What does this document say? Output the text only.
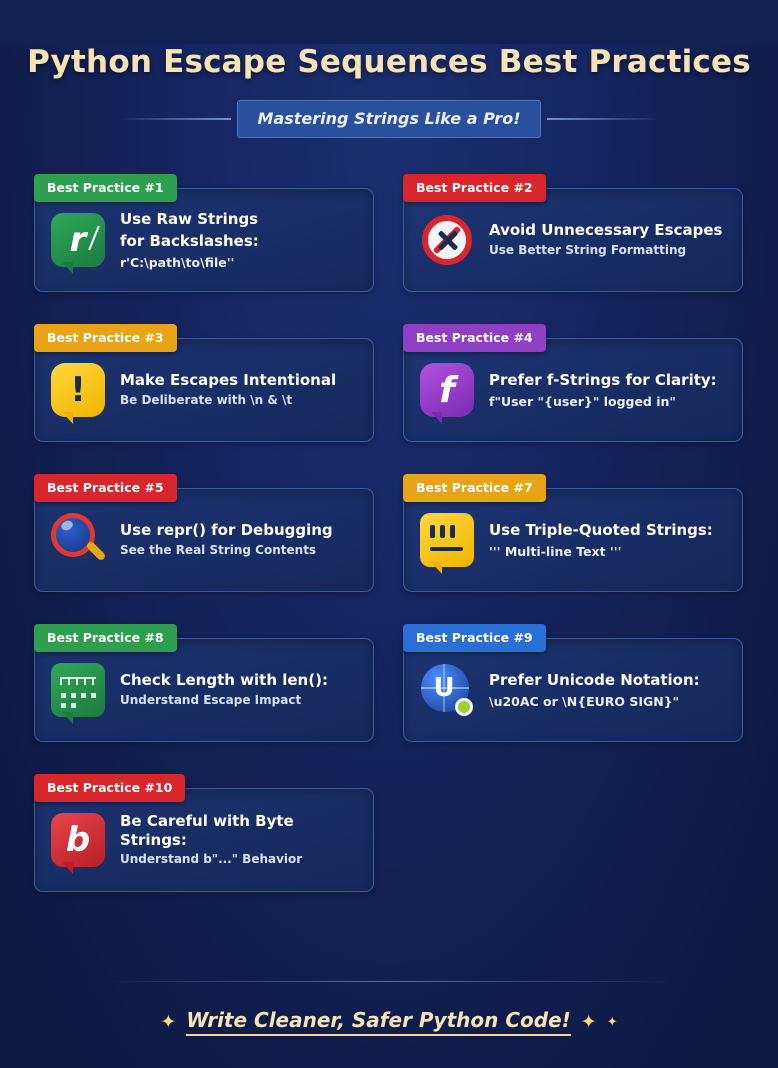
Python Escape Sequences Best Practices
Mastering Strings Like a Pro!
Best Practice #1
r
Use Raw Strings
for Backslashes:
r'C:\path\to\file''
Best Practice #2
Avoid Unnecessary Escapes
Use Better String Formatting
Best Practice #3
!	Make Escapes Intentional
Be Deliberate with \n & \t
Best Practice #4
f	Prefer f-Strings for Clarity:
f"User "{user}" logged in"
Best Practice #5
Use repr() for Debugging
See the Real String Contents
Best Practice #7
Use Triple-Quoted Strings:
''' Multi-line Text '''
Best Practice #8
Check Length with len():
Understand Escape Impact
Best Practice #9
U	Prefer Unicode Notation:
\u20AC or \N{EURO SIGN}"
Best Practice #10
b	Be Careful with Byte Strings:
Understand b"..." Behavior
✦ Write Cleaner, Safer Python Code! ✦ ✦
